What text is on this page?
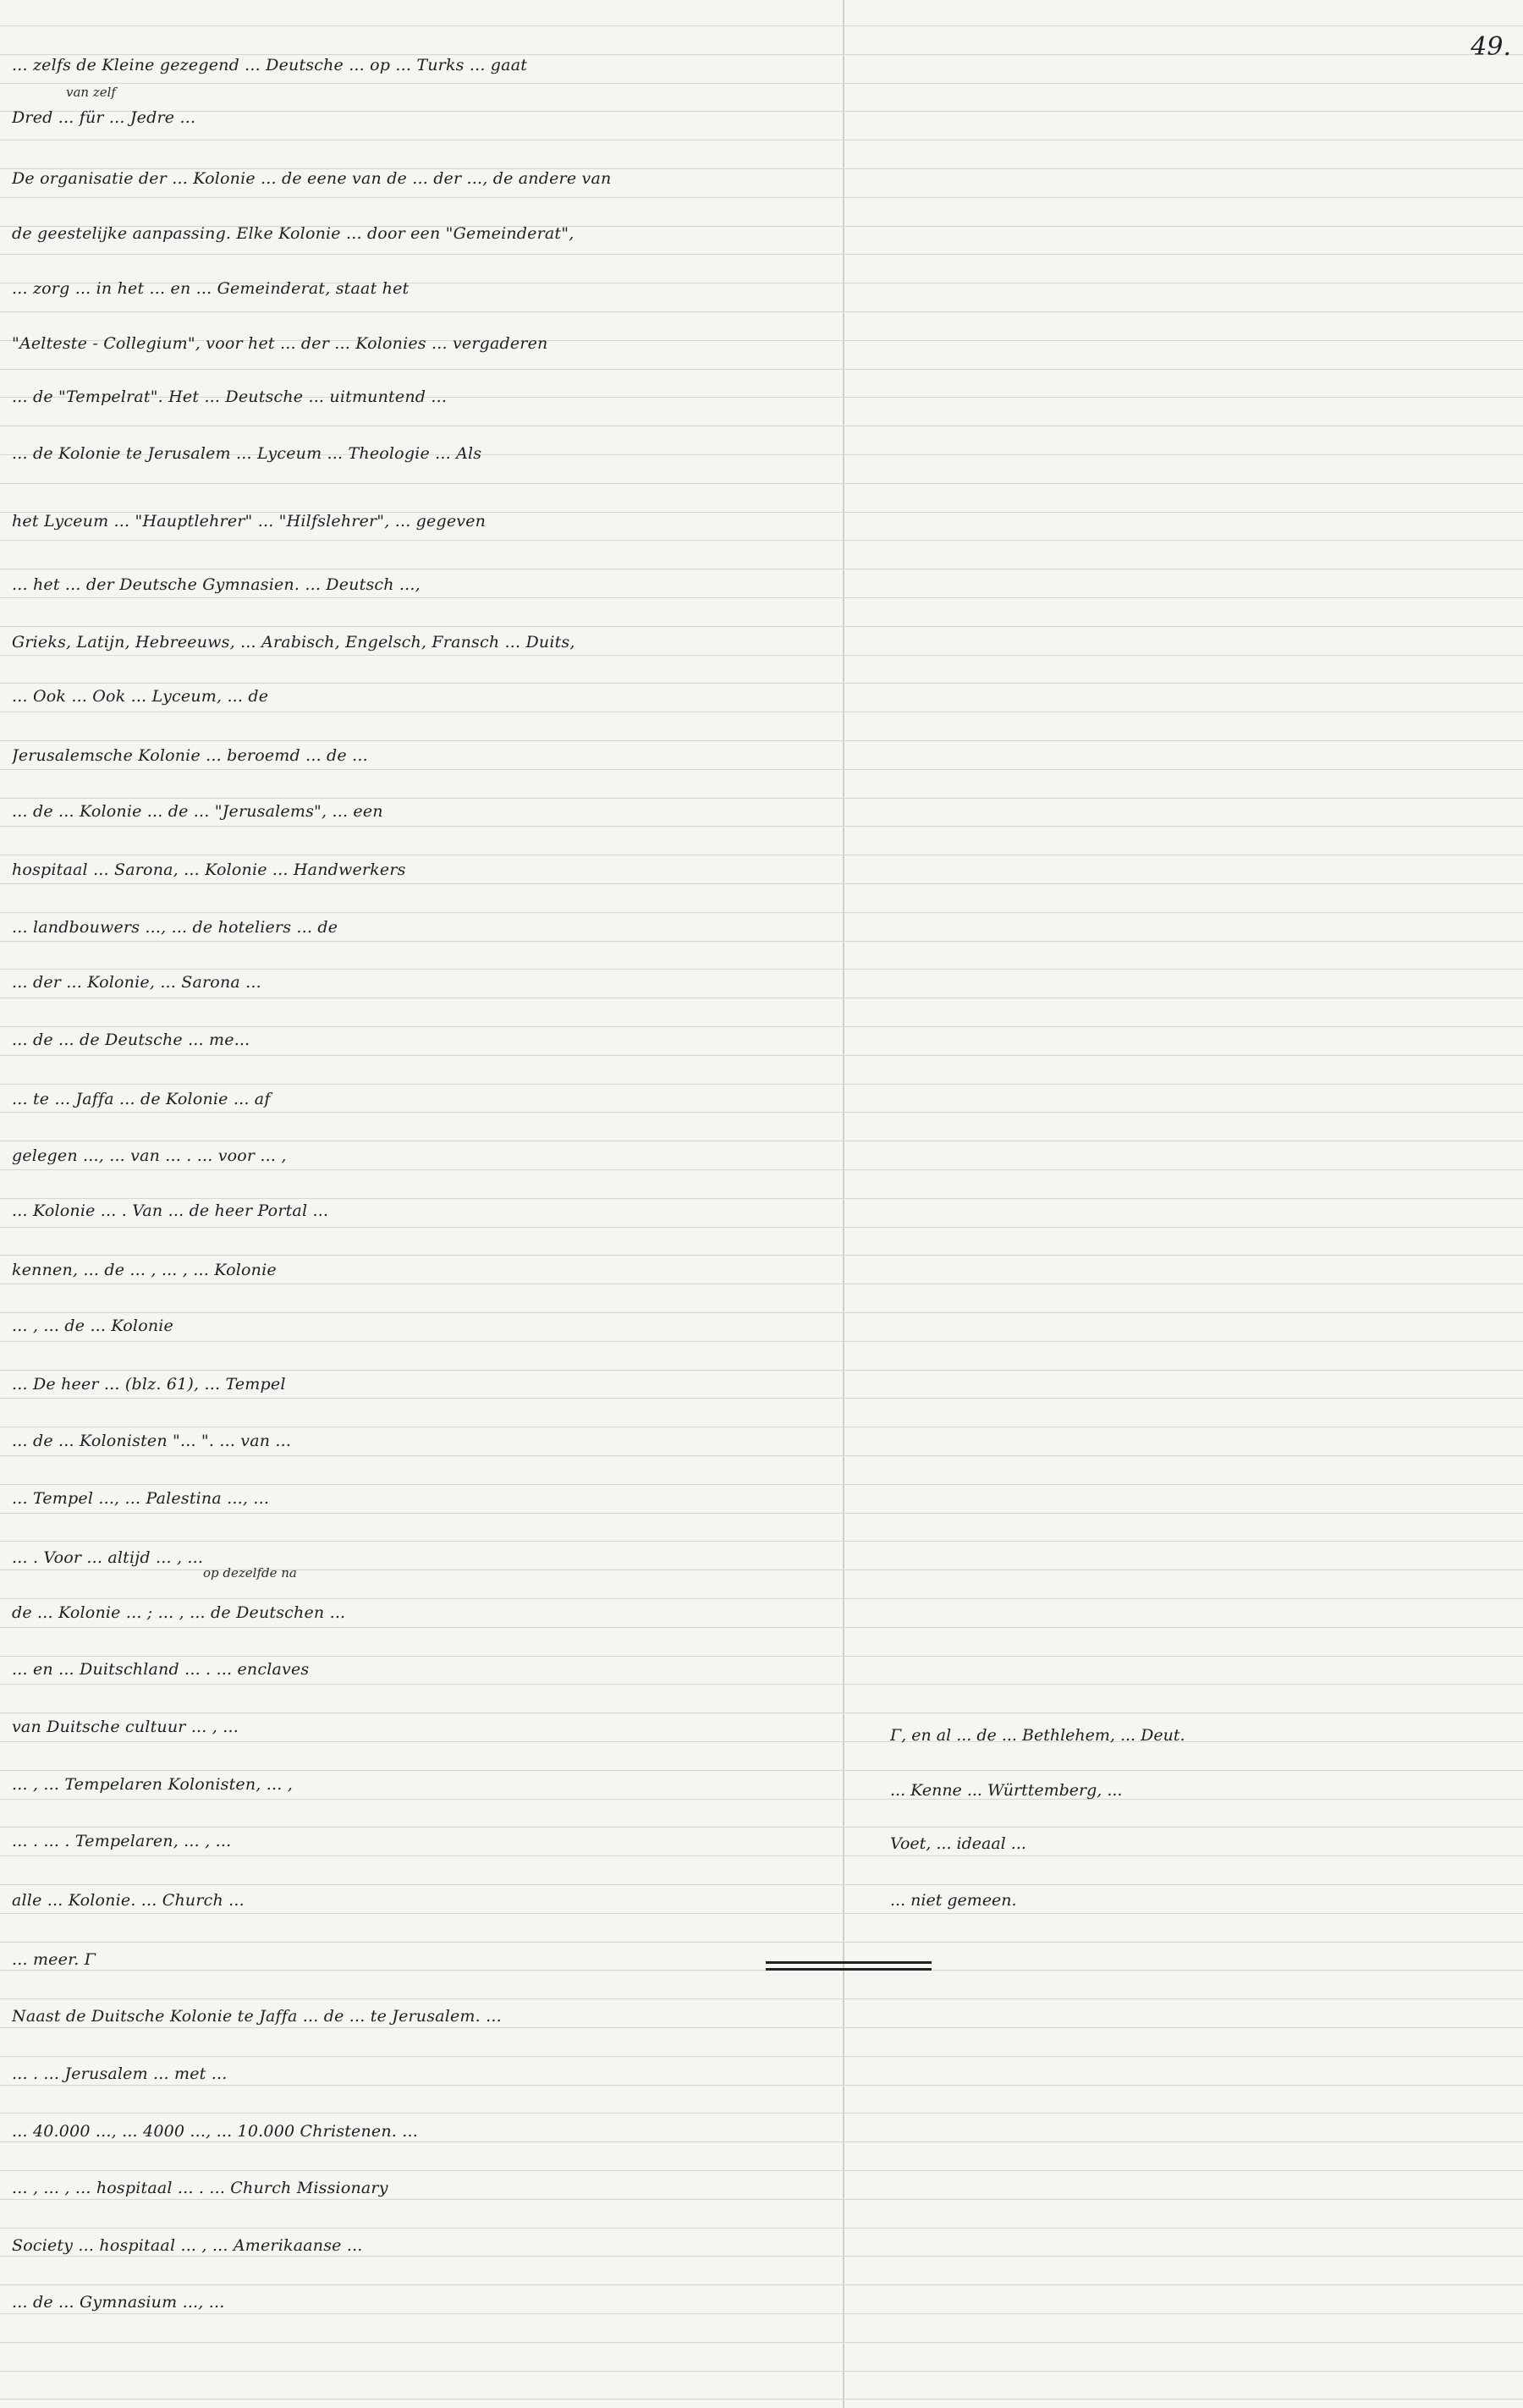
49.
van zelf
op dezelfde na
... zelfs de Kleine gezegend ... Deutsche ... op ... Turks ... gaat
Dred ... für ... Jedre ...
De organisatie der ... Kolonie ... de eene van de ... der ..., de andere van
de geestelijke aanpassing. Elke Kolonie ... door een "Gemeinderat",
... zorg ... in het ... en ... Gemeinderat, staat het
"Aelteste - Collegium", voor het ... der ... Kolonies ... vergaderen
... de "Tempelrat". Het ... Deutsche ... uitmuntend ...
... de Kolonie te Jerusalem ... Lyceum ... Theologie ... Als
het Lyceum ... "Hauptlehrer" ... "Hilfslehrer", ... gegeven
... het ... der Deutsche Gymnasien. ... Deutsch ...,
Grieks, Latijn, Hebreeuws, ... Arabisch, Engelsch, Fransch ... Duits,
... Ook ... Ook ... Lyceum, ... de
Jerusalemsche Kolonie ... beroemd ... de ...
... de ... Kolonie ... de ... "Jerusalems", ... een
hospitaal ... Sarona, ... Kolonie ... Handwerkers
... landbouwers ..., ... de hoteliers ... de
... der ... Kolonie, ... Sarona ...
... de ... de Deutsche ... me...
... te ... Jaffa ... de Kolonie ... af
gelegen ..., ... van ... . ... voor ... ,
... Kolonie ... . Van ... de heer Portal ...
kennen, ... de ... , ... , ... Kolonie
... , ... de ... Kolonie
... De heer ... (blz. 61), ... Tempel
... de ... Kolonisten "... ". ... van ...
... Tempel ..., ... Palestina ..., ...
... . Voor ... altijd ... , ...
de ... Kolonie ... ; ... , ... de Deutschen ...
... en ... Duitschland ... . ... enclaves
van Duitsche cultuur ... , ...
... , ... Tempelaren Kolonisten, ... ,
... . ... . Tempelaren, ... , ...
alle ... Kolonie. ... Church ...
... meer. Γ
Naast de Duitsche Kolonie te Jaffa ... de ... te Jerusalem. ...
... . ... Jerusalem ... met ...
... 40.000 ..., ... 4000 ..., ... 10.000 Christenen. ...
... , ... , ... hospitaal ... . ... Church Missionary
Society ... hospitaal ... , ... Amerikaanse ...
... de ... Gymnasium ..., ...
Γ, en al ... de ... Bethlehem, ... Deut.
... Kenne ... Württemberg, ...
Voet, ... ideaal ...
... niet gemeen.
